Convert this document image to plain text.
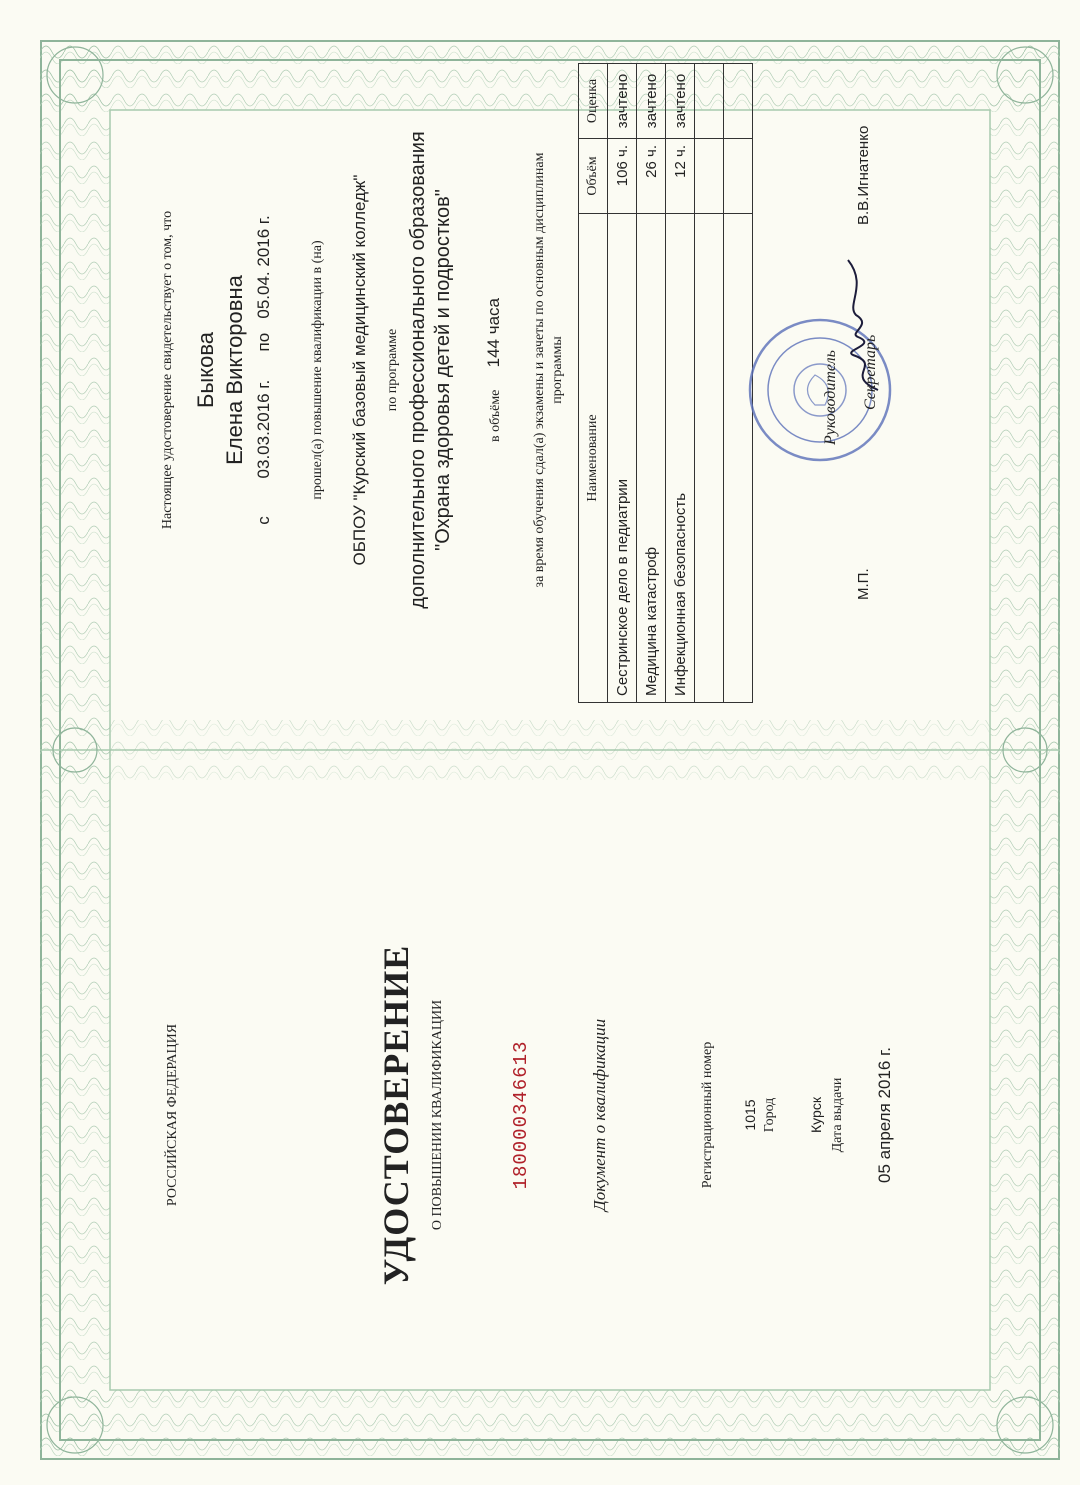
РОССИЙСКАЯ ФЕДЕРАЦИЯ	УДОСТОВЕРЕНИЕ О ПОВЫШЕНИИ КВАЛИФИКАЦИИ	180000346613	Документ о квалификации	Регистрационный номер 1015 Город Курск Дата выдачи 05 апреля 2016 г.
Настоящее удостоверение свидетельствует о том, что Быкова Елена Викторовна
с        03.03.2016 г.      по   05.04. 2016 г.	прошел(а) повышение квалификации в (на) ОБПОУ "Курский базовый медицинский колледж" по программе дополнительного профессионального образования "Охрана здоровья детей и подростков" в объёме     144 часа за время обучения сдал(а) экзамены и зачеты по основным дисциплинам программы
Наименование	Объём	Оценка
Сестринское дело в педиатрии	106 ч.	зачтено
Медицина катастроф	26 ч.	зачтено
Инфекционная безопасность	12 ч.	зачтено

М.П.
Руководитель Секретарь
В.В.Игнатенко
